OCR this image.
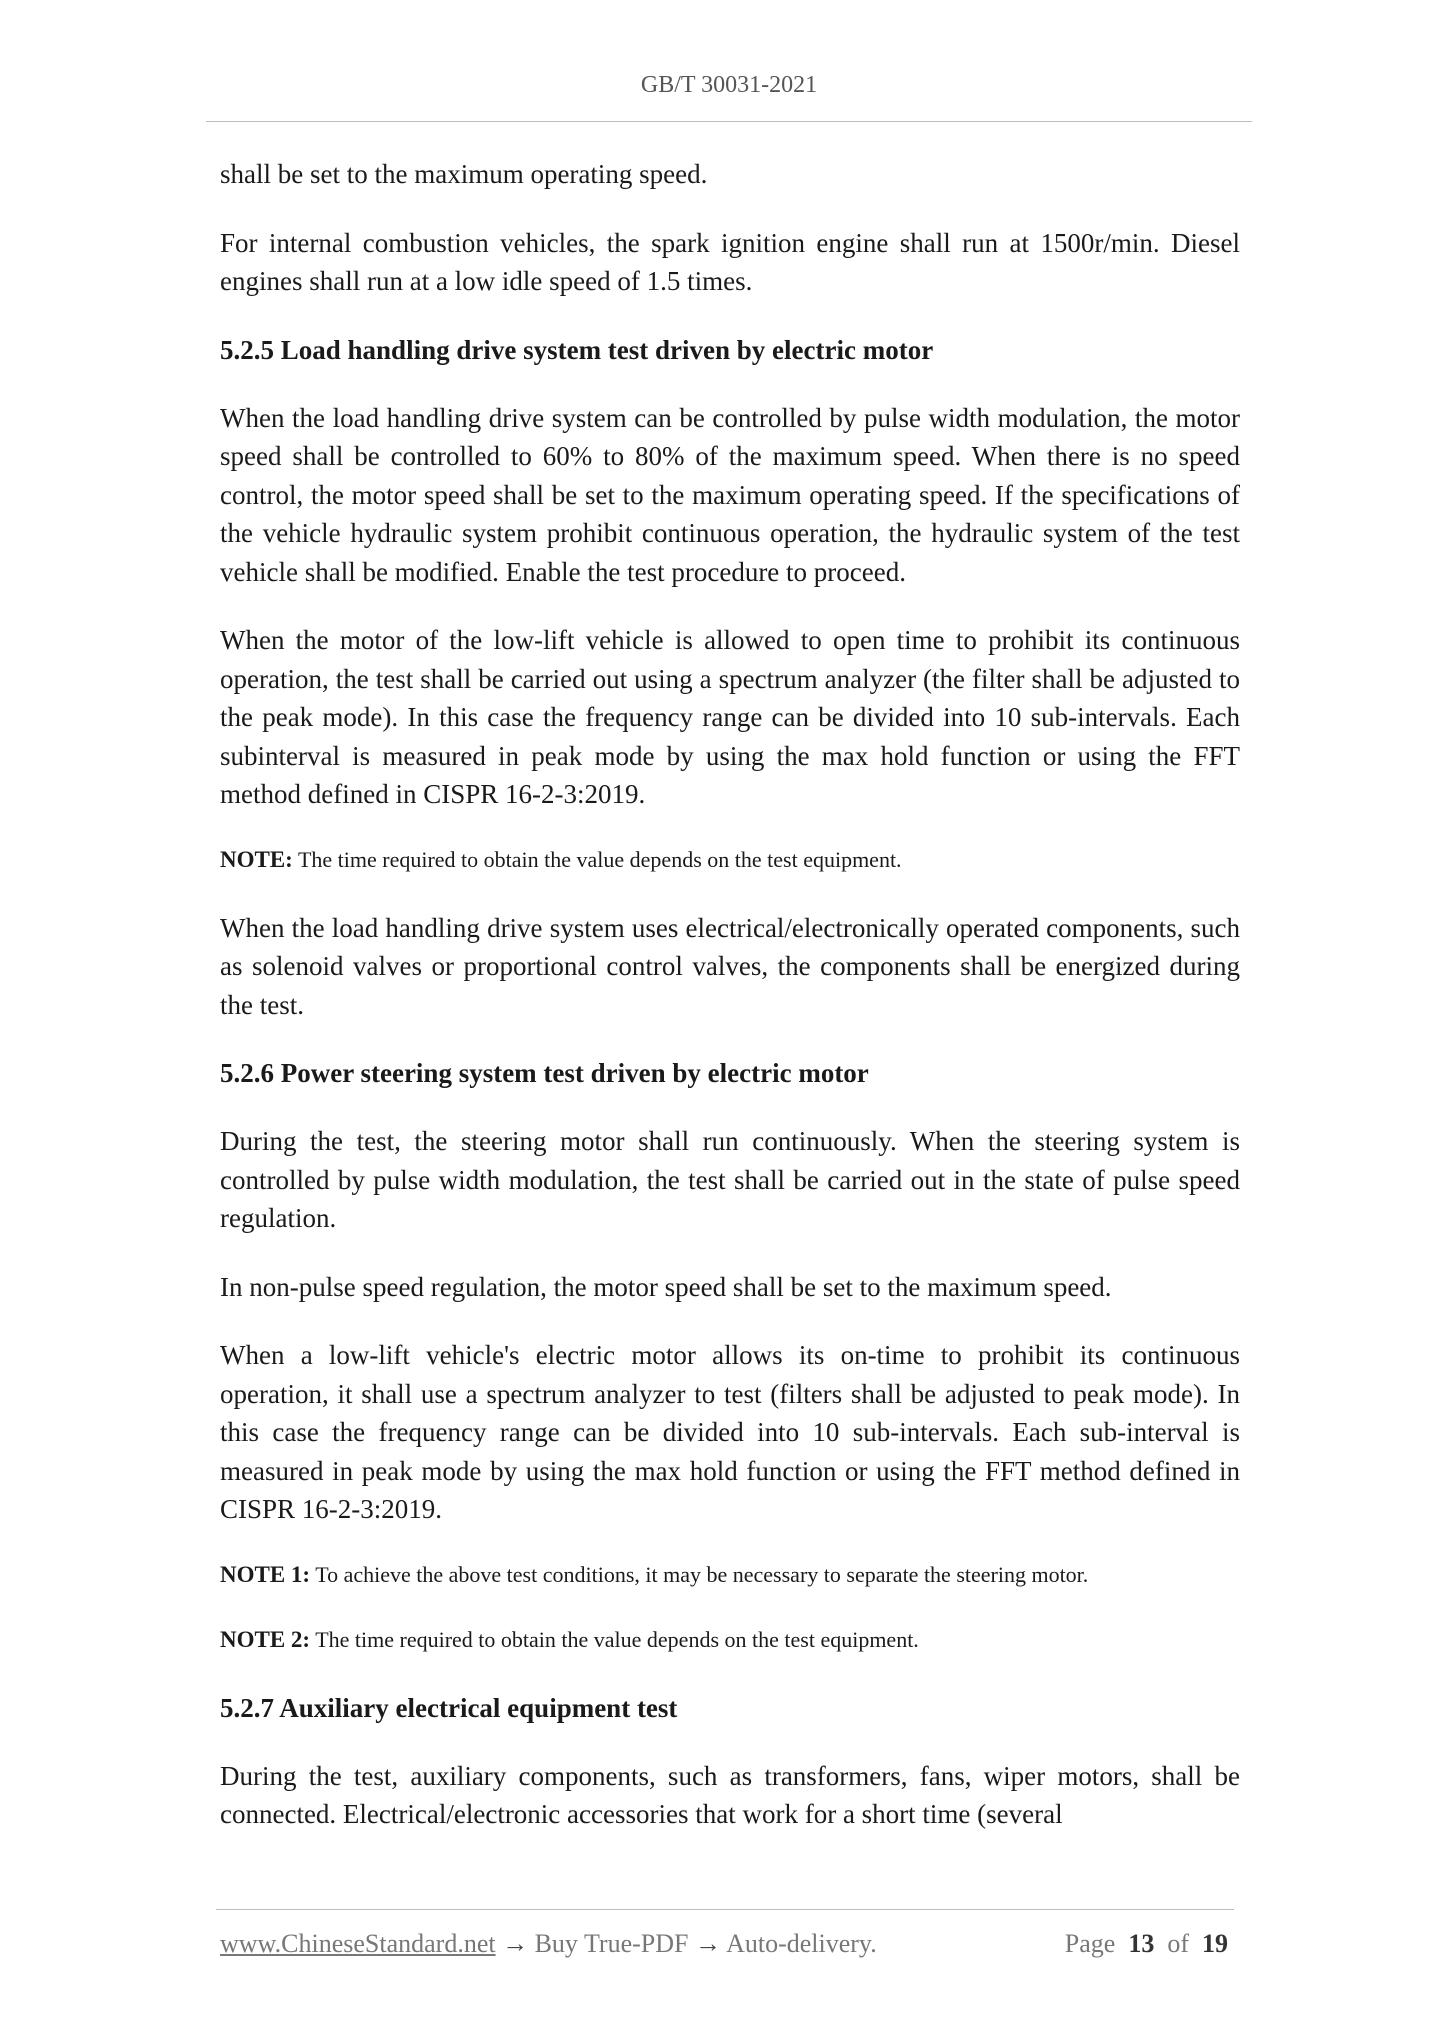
GB/T 30031-2021

shall be set to the maximum operating speed.

For internal combustion vehicles, the spark ignition engine shall run at 1500r/min. Diesel engines shall run at a low idle speed of 1.5 times.

5.2.5 Load handling drive system test driven by electric motor

When the load handling drive system can be controlled by pulse width modulation, the motor speed shall be controlled to 60% to 80% of the maximum speed. When there is no speed control, the motor speed shall be set to the maximum operating speed. If the specifications of the vehicle hydraulic system prohibit continuous operation, the hydraulic system of the test vehicle shall be modified. Enable the test procedure to proceed.

When the motor of the low-lift vehicle is allowed to open time to prohibit its continuous operation, the test shall be carried out using a spectrum analyzer (the filter shall be adjusted to the peak mode). In this case the frequency range can be divided into 10 sub-intervals. Each subinterval is measured in peak mode by using the max hold function or using the FFT method defined in CISPR 16-2-3:2019.

NOTE: The time required to obtain the value depends on the test equipment.

When the load handling drive system uses electrical/electronically operated components, such as solenoid valves or proportional control valves, the components shall be energized during the test.

5.2.6 Power steering system test driven by electric motor

During the test, the steering motor shall run continuously. When the steering system is controlled by pulse width modulation, the test shall be carried out in the state of pulse speed regulation.

In non-pulse speed regulation, the motor speed shall be set to the maximum speed.

When a low-lift vehicle's electric motor allows its on-time to prohibit its continuous operation, it shall use a spectrum analyzer to test (filters shall be adjusted to peak mode). In this case the frequency range can be divided into 10 sub-intervals. Each sub-interval is measured in peak mode by using the max hold function or using the FFT method defined in CISPR 16-2-3:2019.

NOTE 1: To achieve the above test conditions, it may be necessary to separate the steering motor.

NOTE 2: The time required to obtain the value depends on the test equipment.

5.2.7 Auxiliary electrical equipment test

During the test, auxiliary components, such as transformers, fans, wiper motors, shall be connected. Electrical/electronic accessories that work for a short time (several

www.ChineseStandard.net → Buy True-PDF → Auto-delivery.	Page 13 of 19
